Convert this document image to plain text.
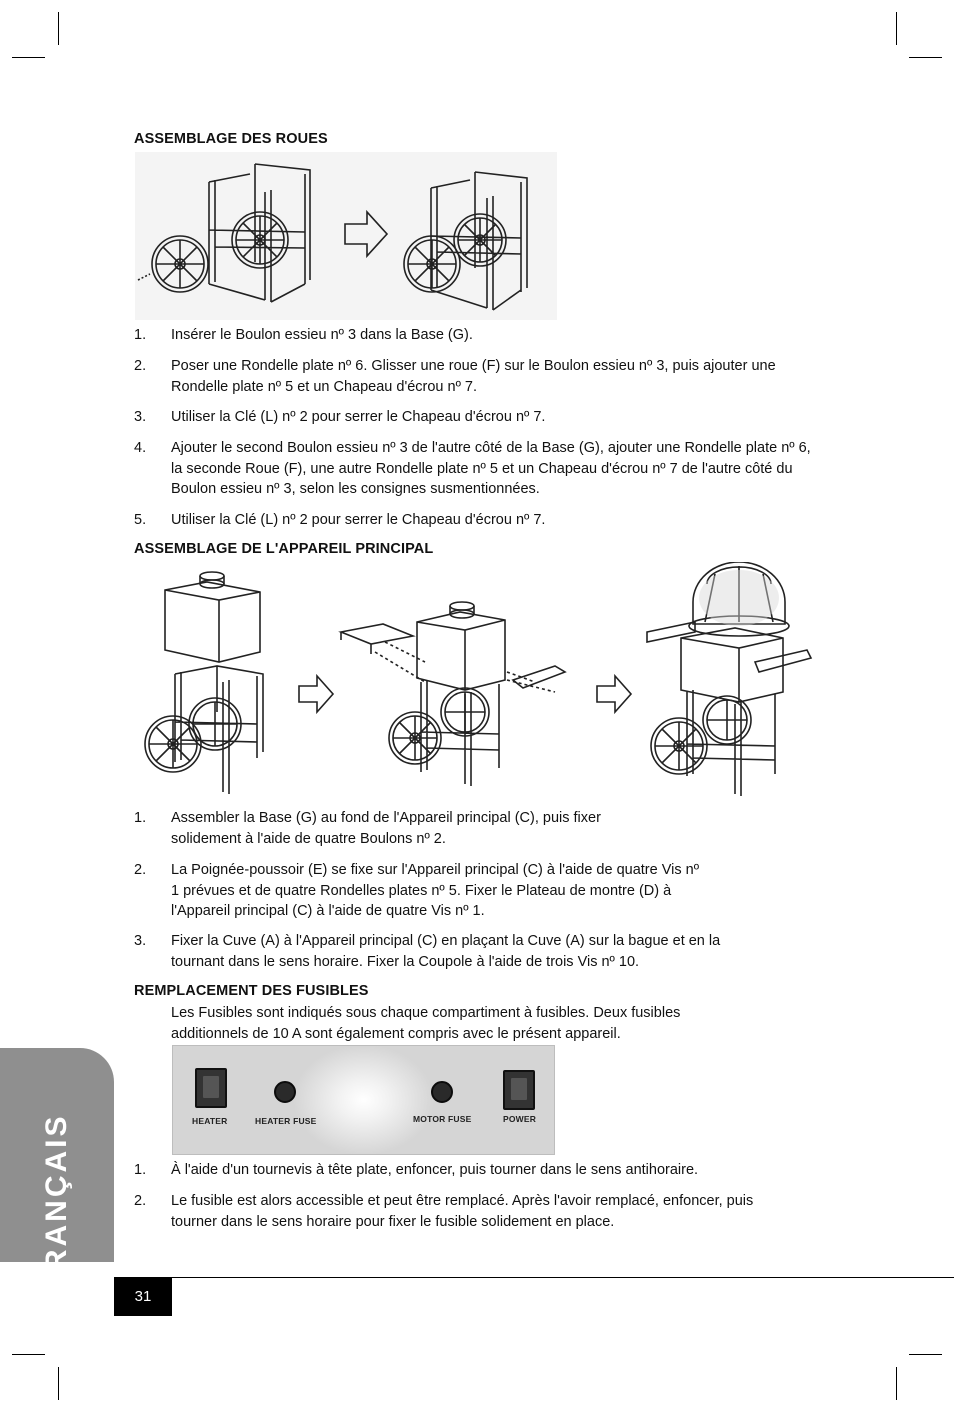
ASSEMBLAGE DES ROUES
1. Insérer le Boulon essieu nº 3 dans la Base (G).
2. Poser une Rondelle plate nº 6. Glisser une roue (F) sur le Boulon essieu nº 3, puis ajouter une Rondelle plate nº 5 et un Chapeau d'écrou nº 7.
3. Utiliser la Clé (L) nº 2 pour serrer le Chapeau d'écrou nº 7.
4. Ajouter le second Boulon essieu nº 3 de l'autre côté de la Base (G), ajouter une Rondelle plate nº 6, la seconde Roue (F), une autre Rondelle plate nº 5 et un Chapeau d'écrou nº 7 de l'autre côté du Boulon essieu nº 3, selon les consignes susmentionnées.
5. Utiliser la Clé (L) nº 2 pour serrer le Chapeau d'écrou nº 7.
ASSEMBLAGE DE L'APPAREIL PRINCIPAL
1. Assembler la Base (G) au fond de l'Appareil principal (C), puis fixer solidement à l'aide de quatre Boulons nº 2.
2. La Poignée-poussoir (E) se fixe sur l'Appareil principal (C) à l'aide de quatre Vis nº 1 prévues et de quatre Rondelles plates nº 5. Fixer le Plateau de montre (D) à l'Appareil principal (C) à l'aide de quatre Vis nº 1.
3. Fixer la Cuve (A) à l'Appareil principal (C) en plaçant la Cuve (A) sur la bague et en la tournant dans le sens horaire. Fixer la Coupole à l'aide de trois Vis nº 10.
REMPLACEMENT DES FUSIBLES
Les Fusibles sont indiqués sous chaque compartiment à fusibles. Deux fusibles additionnels de 10 A sont également compris avec le présent appareil.
HEATER	HEATER FUSE	MOTOR FUSE	POWER
1. À l'aide d'un tournevis à tête plate, enfoncer, puis tourner dans le sens antihoraire.
2. Le fusible est alors accessible et peut être remplacé. Après l'avoir remplacé, enfoncer, puis tourner dans le sens horaire pour fixer le fusible solidement en place.
FRANÇAIS
31
